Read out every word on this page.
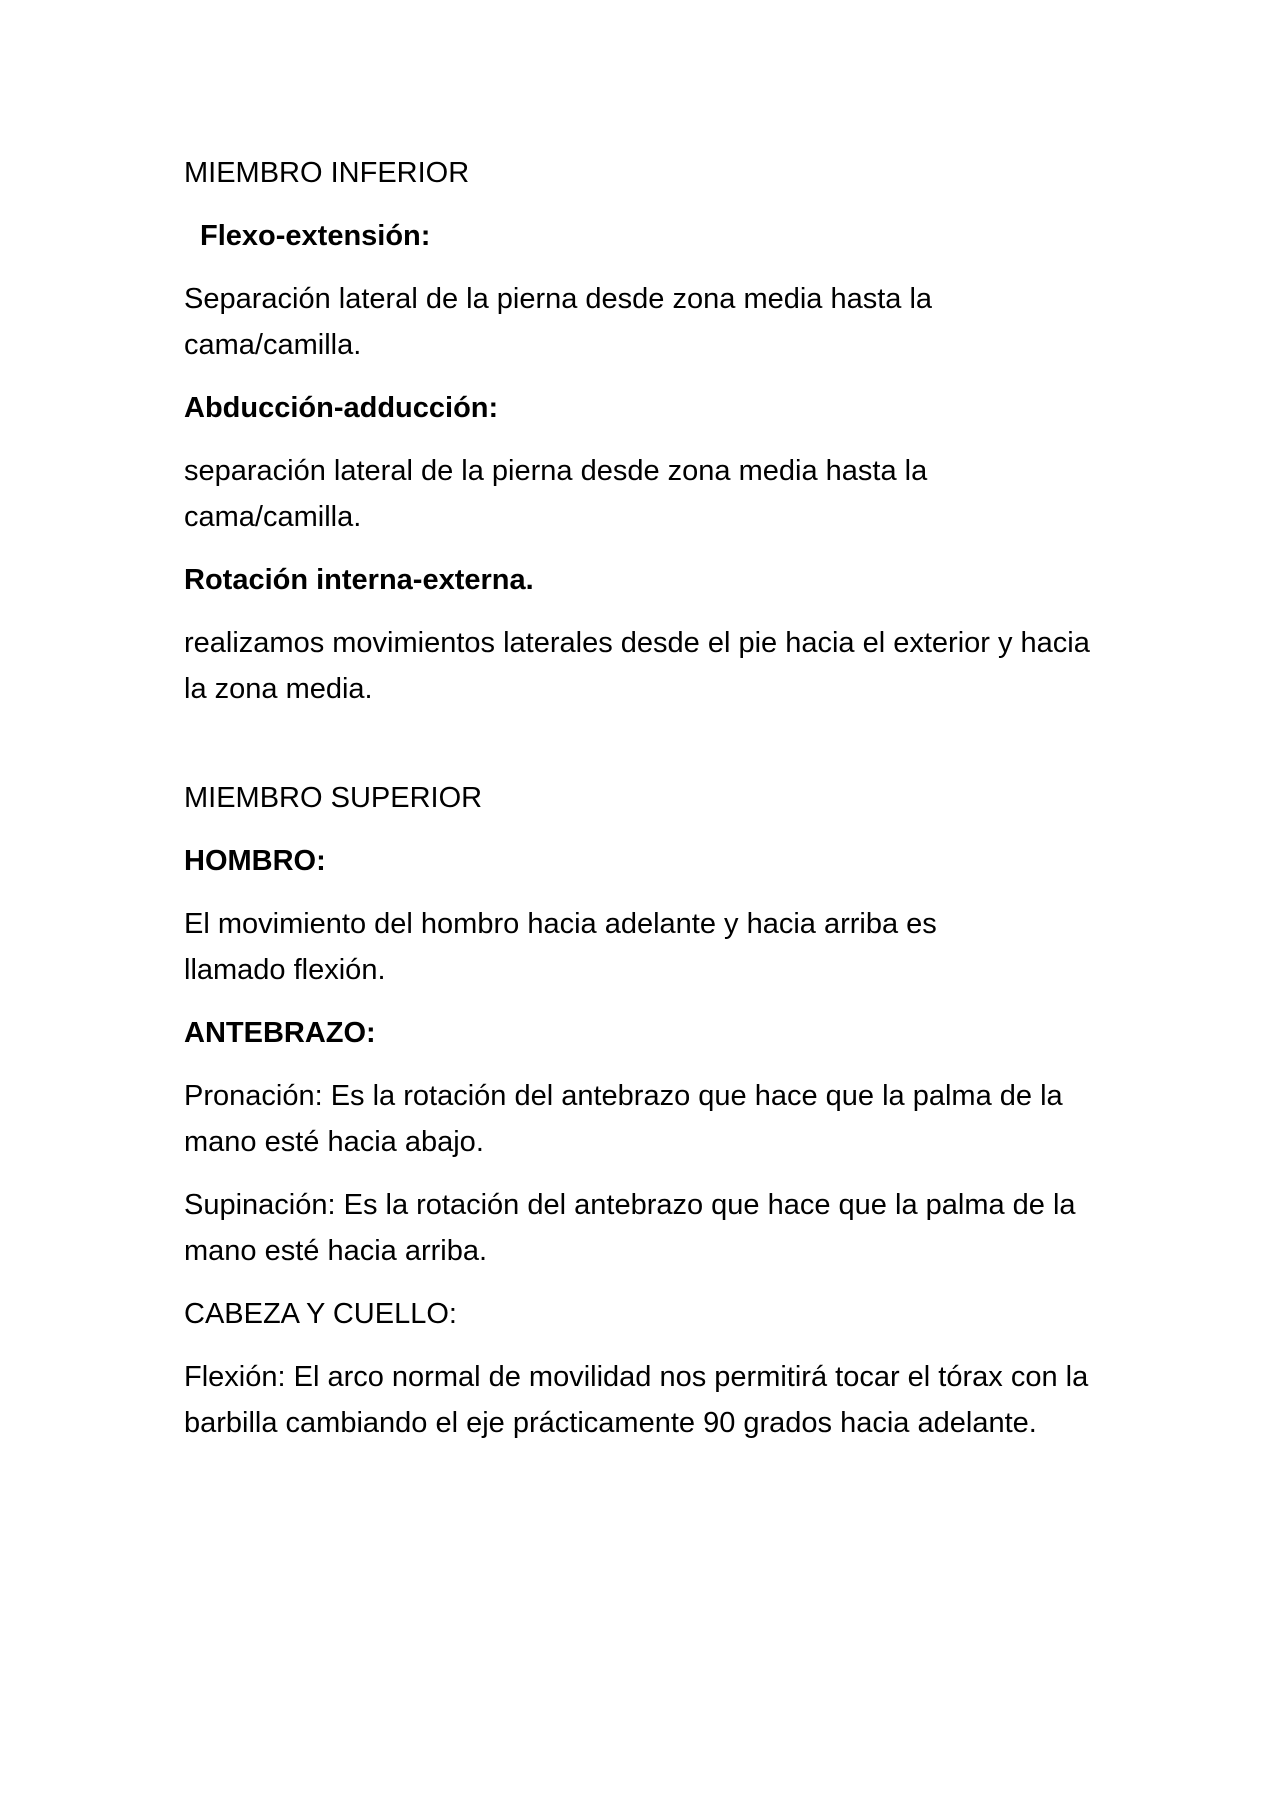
MIEMBRO INFERIOR

Flexo-extensión:

Separación lateral de la pierna desde zona media hasta la cama/camilla.

Abducción-adducción:

separación lateral de la pierna desde zona media hasta la cama/camilla.

Rotación interna-externa.

realizamos movimientos laterales desde el pie hacia el exterior y hacia la zona media.

MIEMBRO SUPERIOR

HOMBRO:

El movimiento del hombro hacia adelante y hacia arriba es llamado flexión.

ANTEBRAZO:

Pronación: Es la rotación del antebrazo que hace que la palma de la mano esté hacia abajo.

Supinación: Es la rotación del antebrazo que hace que la palma de la mano esté hacia arriba.

CABEZA Y CUELLO:

Flexión: El arco normal de movilidad nos permitirá tocar el tórax con la barbilla cambiando el eje prácticamente 90 grados hacia adelante.
